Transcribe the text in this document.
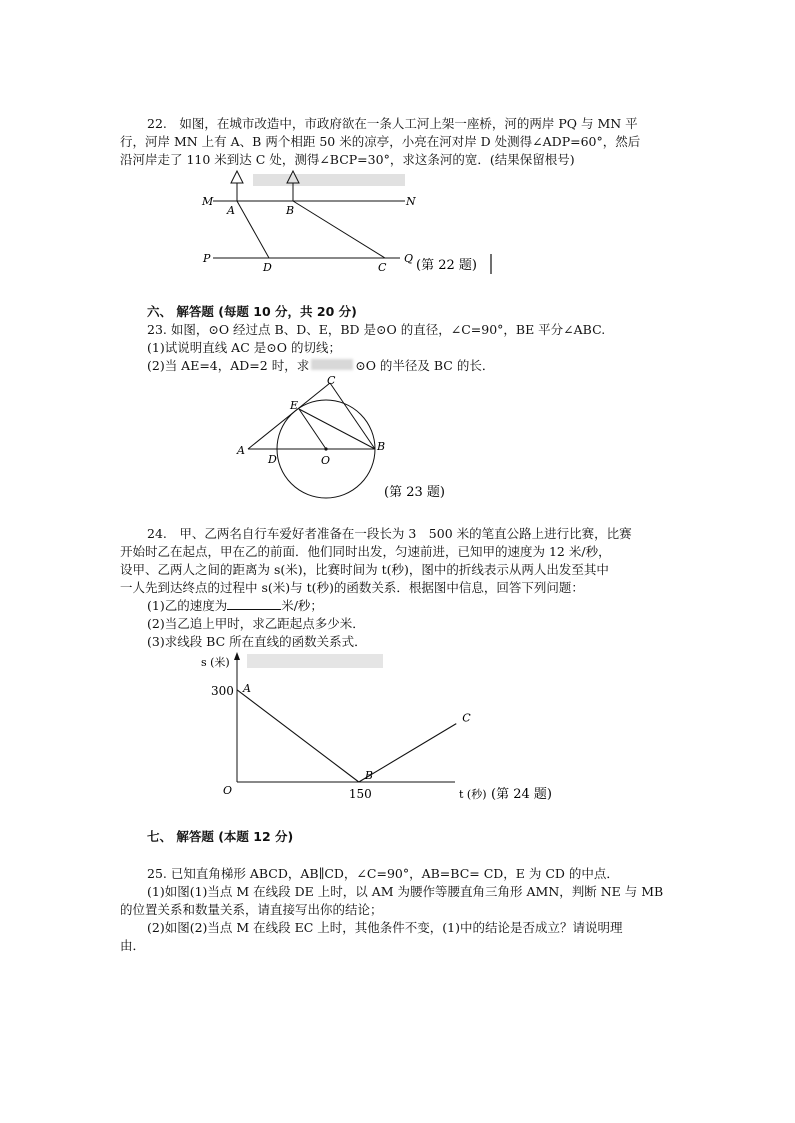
22.　如图，在城市改造中，市政府欲在一条人工河上架一座桥，河的两岸 PQ 与 MN 平
行，河岸 MN 上有 A、B 两个相距 50 米的凉亭，小亮在河对岸 D 处测得∠ADP=60°，然后
沿河岸走了 110 米到达 C 处，测得∠BCP=30°，求这条河的宽．(结果保留根号)
M
A	B
N
P
D	C
Q (第 22 题)
六、 解答题 (每题 10 分，共 20 分)
23. 如图，⊙O 经过点 B、D、E，BD 是⊙O 的直径，∠C=90°，BE 平分∠ABC.
(1)试说明直线 AC 是⊙O 的切线；
(2)当 AE=4，AD=2 时，求	⊙O 的半径及 BC 的长．
C
E
A
D	O
B
(第 23 题)
24.　甲、乙两名自行车爱好者准备在一段长为 3　500 米的笔直公路上进行比赛，比赛
开始时乙在起点，甲在乙的前面．他们同时出发，匀速前进，已知甲的速度为 12 米/秒，
设甲、乙两人之间的距离为 s(米)，比赛时间为 t(秒)，图中的折线表示从两人出发至其中
一人先到达终点的过程中 s(米)与 t(秒)的函数关系．根据图中信息，回答下列问题：
(1)乙的速度为	米/秒；
(2)当乙追上甲时，求乙距起点多少米．
(3)求线段 BC 所在直线的函数关系式．
s (米)
t (秒)
O	150
300 A
B
C
(第 24 题)
七、 解答题 (本题 12 分)
25. 已知直角梯形 ABCD，AB∥CD，∠C=90°，AB=BC= CD，E 为 CD 的中点．
(1)如图(1)当点 M 在线段 DE 上时，以 AM 为腰作等腰直角三角形 AMN，判断 NE 与 MB
的位置关系和数量关系，请直接写出你的结论；
(2)如图(2)当点 M 在线段 EC 上时，其他条件不变，(1)中的结论是否成立？请说明理
由．
